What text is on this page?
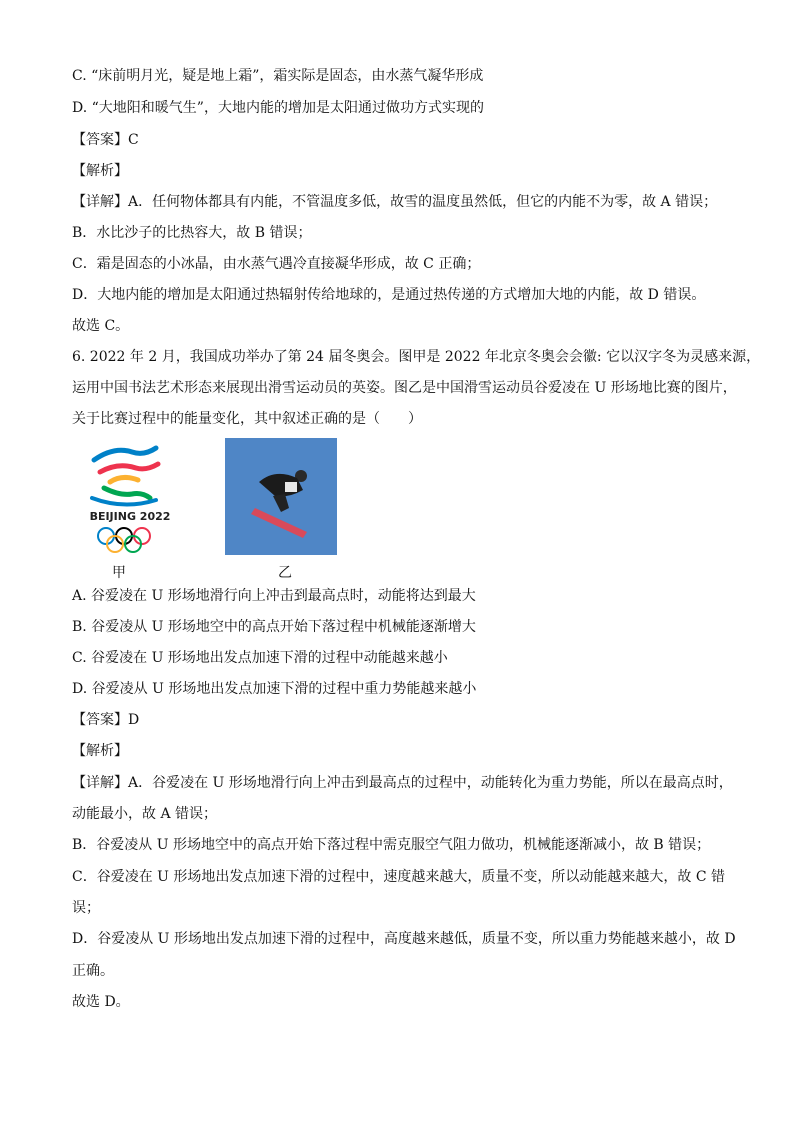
C. “床前明月光，疑是地上霜”，霜实际是固态，由水蒸气凝华形成
D. “大地阳和暖气生”，大地内能的增加是太阳通过做功方式实现的
【答案】C
【解析】
【详解】A．任何物体都具有内能，不管温度多低，故雪的温度虽然低，但它的内能不为零，故 A 错误；
B．水比沙子的比热容大，故 B 错误；
C．霜是固态的小冰晶，由水蒸气遇冷直接凝华形成，故 C 正确；
D．大地内能的增加是太阳通过热辐射传给地球的，是通过热传递的方式增加大地的内能，故 D 错误。
故选 C。
6. 2022 年 2 月，我国成功举办了第 24 届冬奥会。图甲是 2022 年北京冬奥会会徽: 它以汉字冬为灵感来源，
运用中国书法艺术形态来展现出滑雪运动员的英姿。图乙是中国滑雪运动员谷爱凌在 U 形场地比赛的图片，
关于比赛过程中的能量变化，其中叙述正确的是（　　）
BEIJING 2022
甲	乙
A. 谷爱凌在 U 形场地滑行向上冲击到最高点时，动能将达到最大
B. 谷爱凌从 U 形场地空中的高点开始下落过程中机械能逐渐增大
C. 谷爱凌在 U 形场地出发点加速下滑的过程中动能越来越小
D. 谷爱凌从 U 形场地出发点加速下滑的过程中重力势能越来越小
【答案】D
【解析】
【详解】A．谷爱凌在 U 形场地滑行向上冲击到最高点的过程中，动能转化为重力势能，所以在最高点时，
动能最小，故 A 错误；
B．谷爱凌从 U 形场地空中的高点开始下落过程中需克服空气阻力做功，机械能逐渐减小，故 B 错误；
C．谷爱凌在 U 形场地出发点加速下滑的过程中，速度越来越大，质量不变，所以动能越来越大，故 C 错
误；
D．谷爱凌从 U 形场地出发点加速下滑的过程中，高度越来越低，质量不变，所以重力势能越来越小，故 D
正确。
故选 D。
